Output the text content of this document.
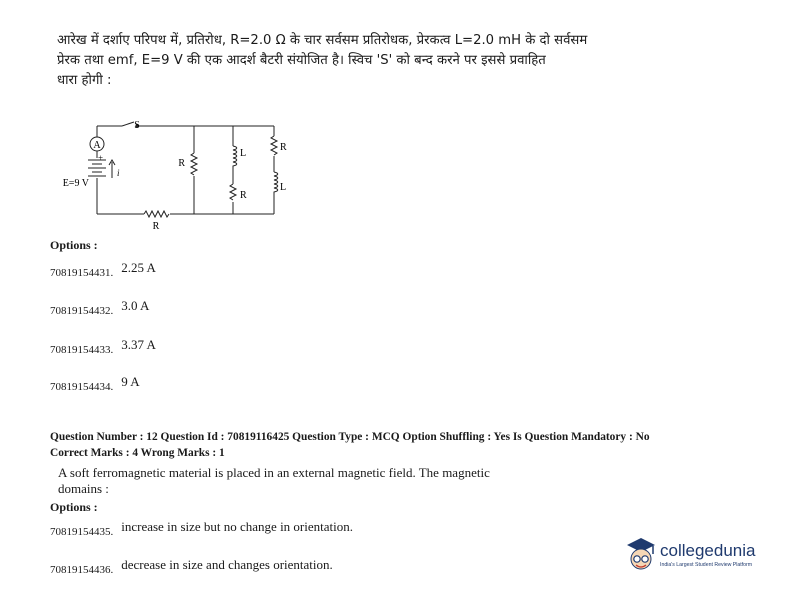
आरेख में दर्शाए परिपथ में, प्रतिरोध, R=2.0 Ω के चार सर्वसम प्रतिरोधक, प्रेरकत्व L=2.0 mH के दो सर्वसम
प्रेरक तथा emf, E=9 V की एक आदर्श बैटरी संयोजित है। स्विच 'S' को बन्द करने पर इससे प्रवाहित
धारा होगी :
A
S
+
E=9 V
i
R
R
L
R
R
L
Options :
70819154431. $^{2.25 A}$
70819154432. $^{3.0 A}$
70819154433. $^{3.37 A}$
70819154434. $^{9 A}$
Question Number : 12 Question Id : 70819116425 Question Type : MCQ Option Shuffling : Yes Is Question Mandatory : No
Correct Marks : 4 Wrong Marks : 1
A soft ferromagnetic material is placed in an external magnetic field. The magnetic
domains :
Options :
70819154435. $^{increase in size but no change in orientation.}$
70819154436. $^{decrease in size and changes orientation.}$
collegedunia
India's Largest Student Review Platform
